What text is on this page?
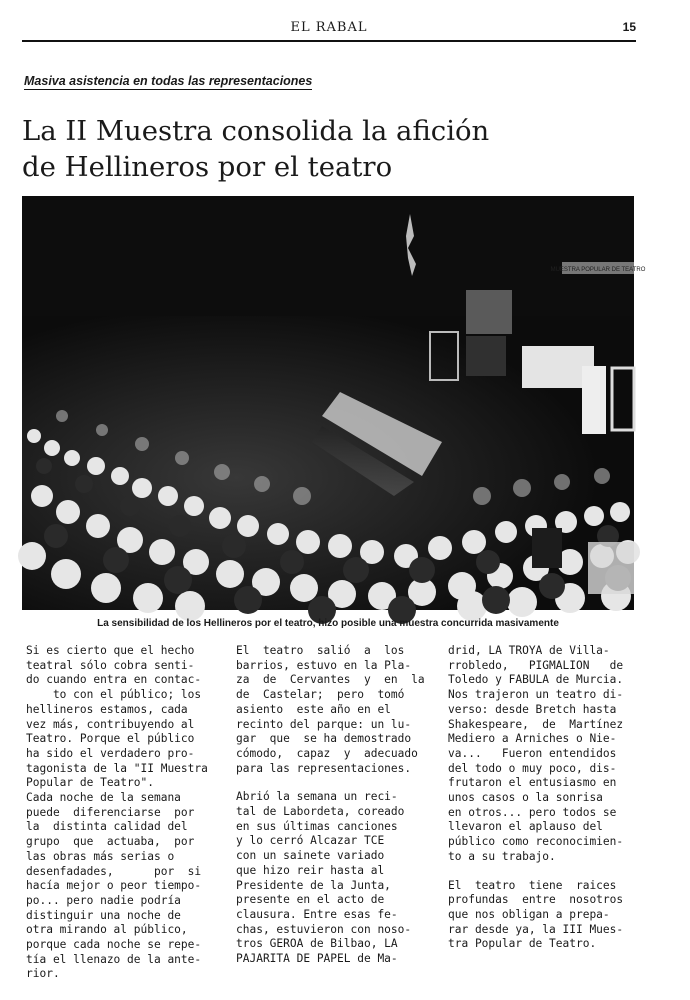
EL RABAL	15
Masiva asistencia en todas las representaciones
La II Muestra consolida la afición
de Hellineros por el teatro
MUESTRA POPULAR DE TEATRO
La sensibilidad de los Hellineros por el teatro, hizo posible una muestra concurrida masivamente

Si es cierto que el hecho
teatral sólo cobra senti-
do cuando entra en contac-
to con el público; los
hellineros estamos, cada
vez más, contribuyendo al
Teatro. Porque el público
ha sido el verdadero pro-
tagonista de la "II Muestra
Popular de Teatro".
Cada noche de la semana
puede  diferenciarse  por
la  distinta calidad del
grupo  que  actuaba,  por
las obras más serias o
desenfadades,      por  si
hacía mejor o peor tiempo-
po... pero nadie podría
distinguir una noche de
otra mirando al público,
porque cada noche se repe-
tía el llenazo de la ante-
rior.

El  teatro  salió  a  los
barrios, estuvo en la Pla-
za  de  Cervantes  y  en  la
de  Castelar;  pero  tomó
asiento  este año en el
recinto del parque: un lu-
gar  que  se ha demostrado
cómodo,  capaz  y  adecuado
para las representaciones.

Abrió la semana un reci-
tal de Labordeta, coreado
en sus últimas canciones
y lo cerró Alcazar TCE
con un sainete variado
que hizo reir hasta al
Presidente de la Junta,
presente en el acto de
clausura. Entre esas fe-
chas, estuvieron con noso-
tros GEROA de Bilbao, LA
PAJARITA DE PAPEL de Ma-

drid, LA TROYA de Villa-
rrobledo,   PIGMALION   de
Toledo y FABULA de Murcia.
Nos trajeron un teatro di-
verso: desde Bretch hasta
Shakespeare,  de  Martínez
Mediero a Arniches o Nie-
va...   Fueron entendidos
del todo o muy poco, dis-
frutaron el entusiasmo en
unos casos o la sonrisa
en otros... pero todos se
llevaron el aplauso del
público como reconocimien-
to a su trabajo.

El  teatro  tiene  raices
profundas  entre  nosotros
que nos obligan a prepa-
rar desde ya, la III Mues-
tra Popular de Teatro.
